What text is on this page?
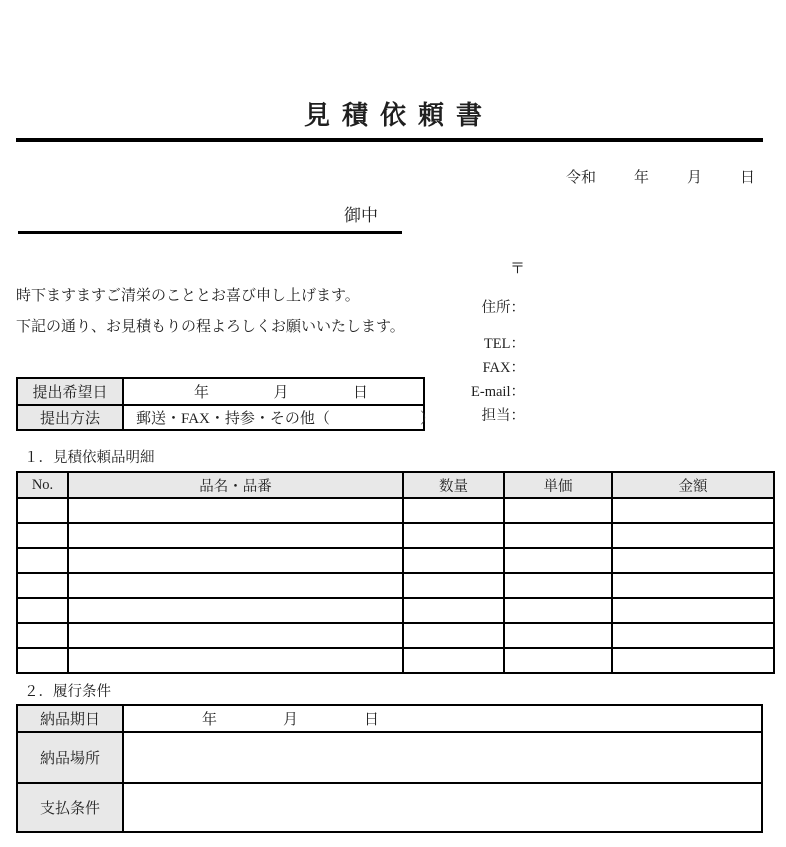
見積依頼書
令和	年	月	日
御中
時下ますますご清栄のこととお喜び申し上げます。
下記の通り、お見積もりの程よろしくお願いいたします。
〒
住所：
TEL：
FAX：
E-mail：
担当：
提出希望日	年 月 日

提出方法	郵送・FAX・持参・その他（　　　　　　）
１．見積依頼品明細
No.	品名・品番	数量	単価	金額

２．履行条件
納品期日	年 月 日

納品場所	
支払条件	
